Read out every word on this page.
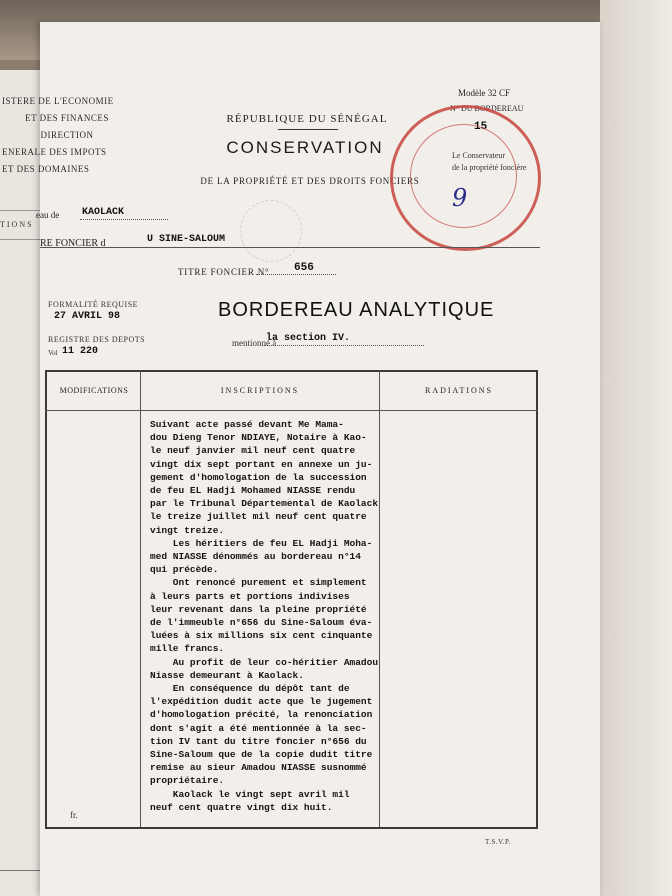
TIONS
ISTERE DE L'ECONOMIE
ET DES FINANCES
DIRECTION
ENERALE DES IMPOTS
ET DES DOMAINES
RÉPUBLIQUE DU SÉNÉGAL
CONSERVATION
DE LA PROPRIÉTÉ ET DES DROITS FONCIERS
Modèle 32 CF
N° DU BORDEREAU
15
Le Conservateur
de la propriété foncière
9
eau de KAOLACK
RE FONCIER d	U SINE-SALOUM
TITRE FONCIER N° 656
FORMALITÉ REQUISE
27 AVRIL 98
REGISTRE DES DEPOTS
Vol 11 220
BORDEREAU ANALYTIQUE
mentionné à
la section IV.
MODIFICATIONS	INSCRIPTIONS	RADIATIONS
Suivant acte passé devant Me Mama-
dou Dieng Tenor NDIAYE, Notaire à Kao-
le neuf janvier mil neuf cent quatre
vingt dix sept portant en annexe un ju-
gement d'homologation de la succession
de feu EL Hadji Mohamed NIASSE rendu
par le Tribunal Départemental de Kaolack
le treize juillet mil neuf cent quatre
vingt treize.
Les héritiers de feu EL Hadji Moha-
med NIASSE dénommés au bordereau n°14
qui précède.
Ont renoncé purement et simplement
à leurs parts et portions indivises
leur revenant dans la pleine propriété
de l'immeuble n°656 du Sine-Saloum éva-
luées à six millions six cent cinquante
mille francs.
Au profit de leur co-héritier Amadou
Niasse demeurant à Kaolack.
En conséquence du dépôt tant de
l'expédition dudit acte que le jugement
d'homologation précité, la renonciation
dont s'agit a été mentionnée à la sec-
tion IV tant du titre foncier n°656 du
Sine-Saloum que de la copie dudit titre
remise au sieur Amadou NIASSE susnommé
propriétaire.
Kaolack le vingt sept avril mil
neuf cent quatre vingt dix huit.
fr.
T.S.V.P.
